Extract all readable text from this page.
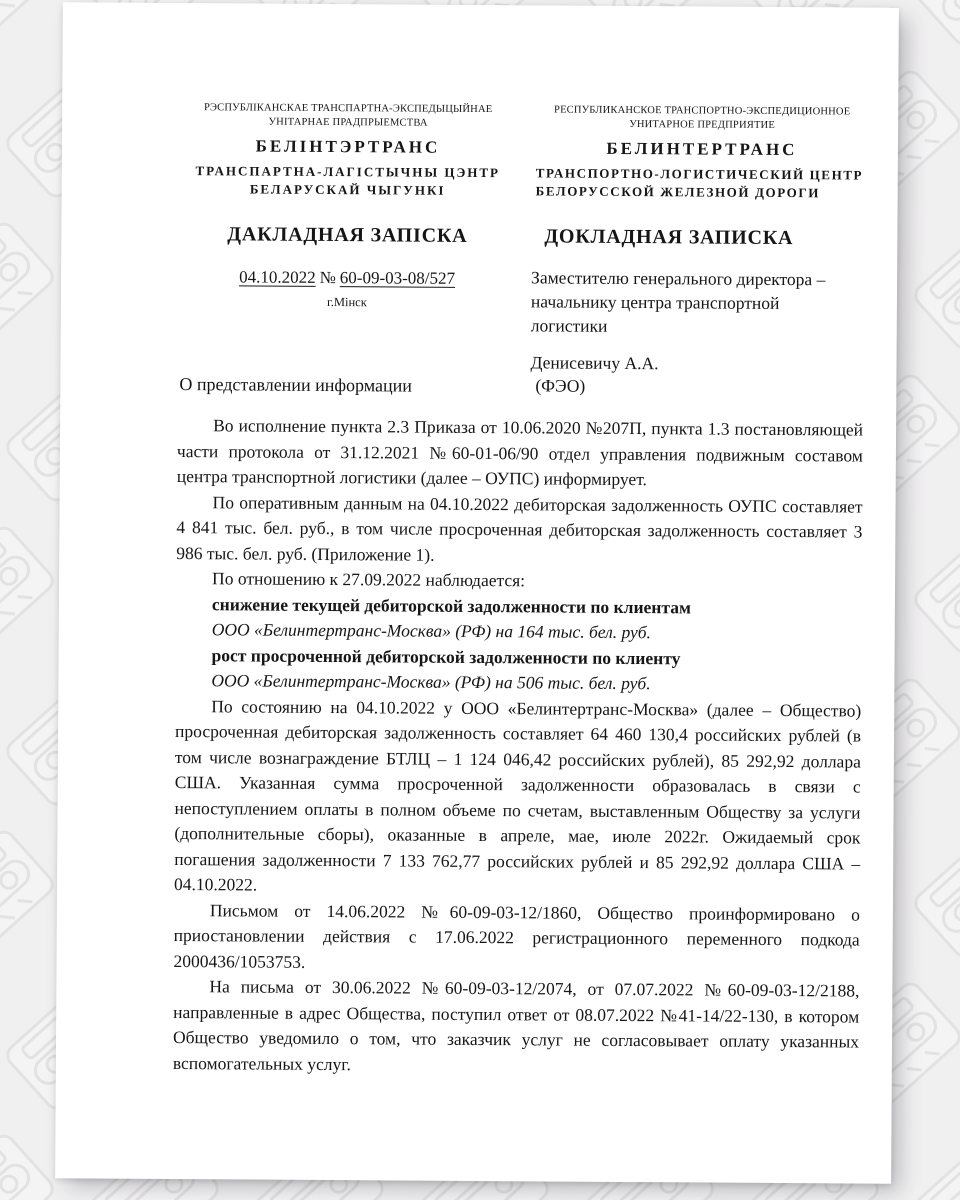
РЭСПУБЛІКАНСКАЕ ТРАНСПАРТНА-ЭКСПЕДЫЦЫЙНАЕ
УНІТАРНАЕ ПРАДПРЫЕМСТВА
БЕЛІНТЭРТРАНС
ТРАНСПАРТНА-ЛАГІСТЫЧНЫ ЦЭНТР
БЕЛАРУСКАЙ ЧЫГУНКІ
ДАКЛАДНАЯ ЗАПІСКА
04.10.2022 № 60-09-03-08/527
г.Мінск
РЕСПУБЛИКАНСКОЕ ТРАНСПОРТНО-ЭКСПЕДИЦИОННОЕ
УНИТАРНОЕ ПРЕДПРИЯТИЕ
БЕЛИНТЕРТРАНС
ТРАНСПОРТНО-ЛОГИСТИЧЕСКИЙ ЦЕНТР
БЕЛОРУССКОЙ ЖЕЛЕЗНОЙ ДОРОГИ
ДОКЛАДНАЯ ЗАПИСКА
Заместителю генерального директора – начальнику центра транспортной логистики
Денисевичу А.А.
(ФЭО)
О представлении информации

Во исполнение пункта 2.3 Приказа от 10.06.2020 №207П, пункта 1.3 постановляющей части протокола от 31.12.2021 №60-01-06/90 отдел управления подвижным составом центра транспортной логистики (далее – ОУПС) информирует.

По оперативным данным на 04.10.2022 дебиторская задолженность ОУПС составляет 4 841 тыс. бел. руб., в том числе просроченная дебиторская задолженность составляет 3 986 тыс. бел. руб. (Приложение 1).

По отношению к 27.09.2022 наблюдается:

снижение текущей дебиторской задолженности по клиентам

ООО «Белинтертранс-Москва» (РФ) на 164 тыс. бел. руб.

рост просроченной дебиторской задолженности по клиенту

ООО «Белинтертранс-Москва» (РФ) на 506 тыс. бел. руб.

По состоянию на 04.10.2022 у ООО «Белинтертранс-Москва» (далее – Общество) просроченная дебиторская задолженность составляет 64 460 130,4 российских рублей (в том числе вознаграждение БТЛЦ – 1 124 046,42 российских рублей), 85 292,92 доллара США. Указанная сумма просроченной задолженности образовалась в связи с непоступлением оплаты в полном объеме по счетам, выставленным Обществу за услуги (дополнительные сборы), оказанные в апреле, мае, июле 2022г. Ожидаемый срок погашения задолженности 7 133 762,77 российских рублей и 85 292,92 доллара США – 04.10.2022.

Письмом от 14.06.2022 №60-09-03-12/1860, Общество проинформировано о приостановлении действия с 17.06.2022 регистрационного переменного подкода 2000436/1053753.

На письма от 30.06.2022 №60-09-03-12/2074, от 07.07.2022 №60-09-03-12/2188, направленные в адрес Общества, поступил ответ от 08.07.2022 №41-14/22-130, в котором Общество уведомило о том, что заказчик услуг не согласовывает оплату указанных вспомогательных услуг.
